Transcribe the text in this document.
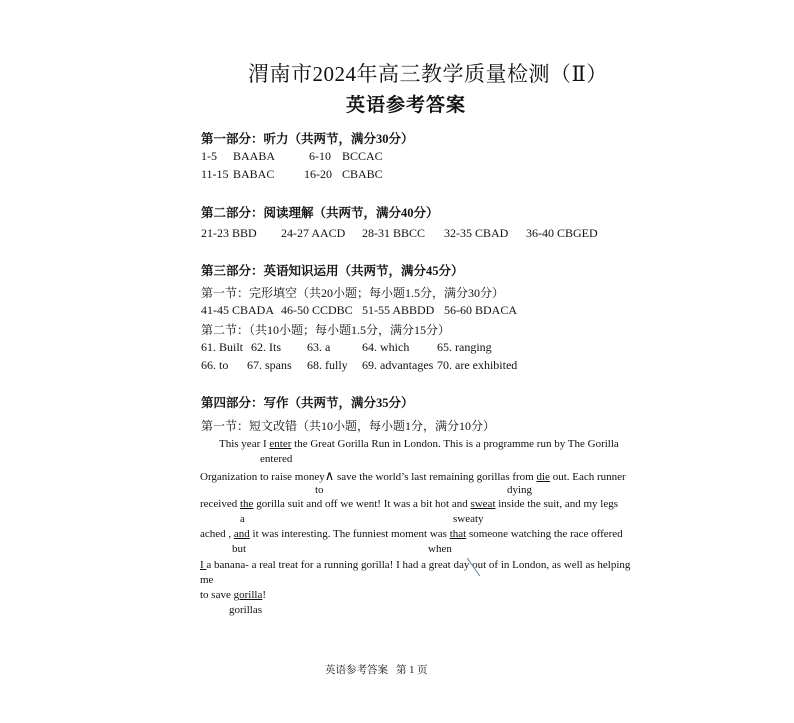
渭南市2024年高三教学质量检测（Ⅱ）
英语参考答案
第一部分：听力（共两节，满分30分）
1-5 BAABA	6-10 BCCAC
11-15 BABAC 16-20 CBABC
第二部分：阅读理解（共两节，满分40分）
21-23 BBD 24-27 AACD 28-31 BBCC 32-35 CBAD 36-40 CBGED
第三部分：英语知识运用（共两节，满分45分）
第一节：完形填空（共20小题；每小题1.5分，满分30分）
41-45 CBADA 46-50 CCDBC 51-55 ABBDD 56-60 BDACA
第二节：（共10小题；每小题1.5分，满分15分）
61. Built 62. Its 63. a	64. which 65. ranging
66. to 67. spans 68. fully 69. advantages 70. are exhibited
第四部分：写作（共两节，满分35分）
第一节：短文改错（共10小题，每小题1分，满分10分）
This year I enter the Great Gorilla Run in London. This is a programme run by The Gorilla
entered
Organization to raise money∧ save the world’s last remaining gorillas from die out. Each runner
to	dying
received the gorilla suit and off we went! It was a bit hot and sweat inside the suit, and my legs
a	sweaty
ached , and it was interesting. The funniest moment was that someone watching the race offered
but	when
I a banana- a real treat for a running gorilla! I had a great day out of in London, as well as helping
me
to save gorilla!
gorillas
英语参考答案 第 1 页
